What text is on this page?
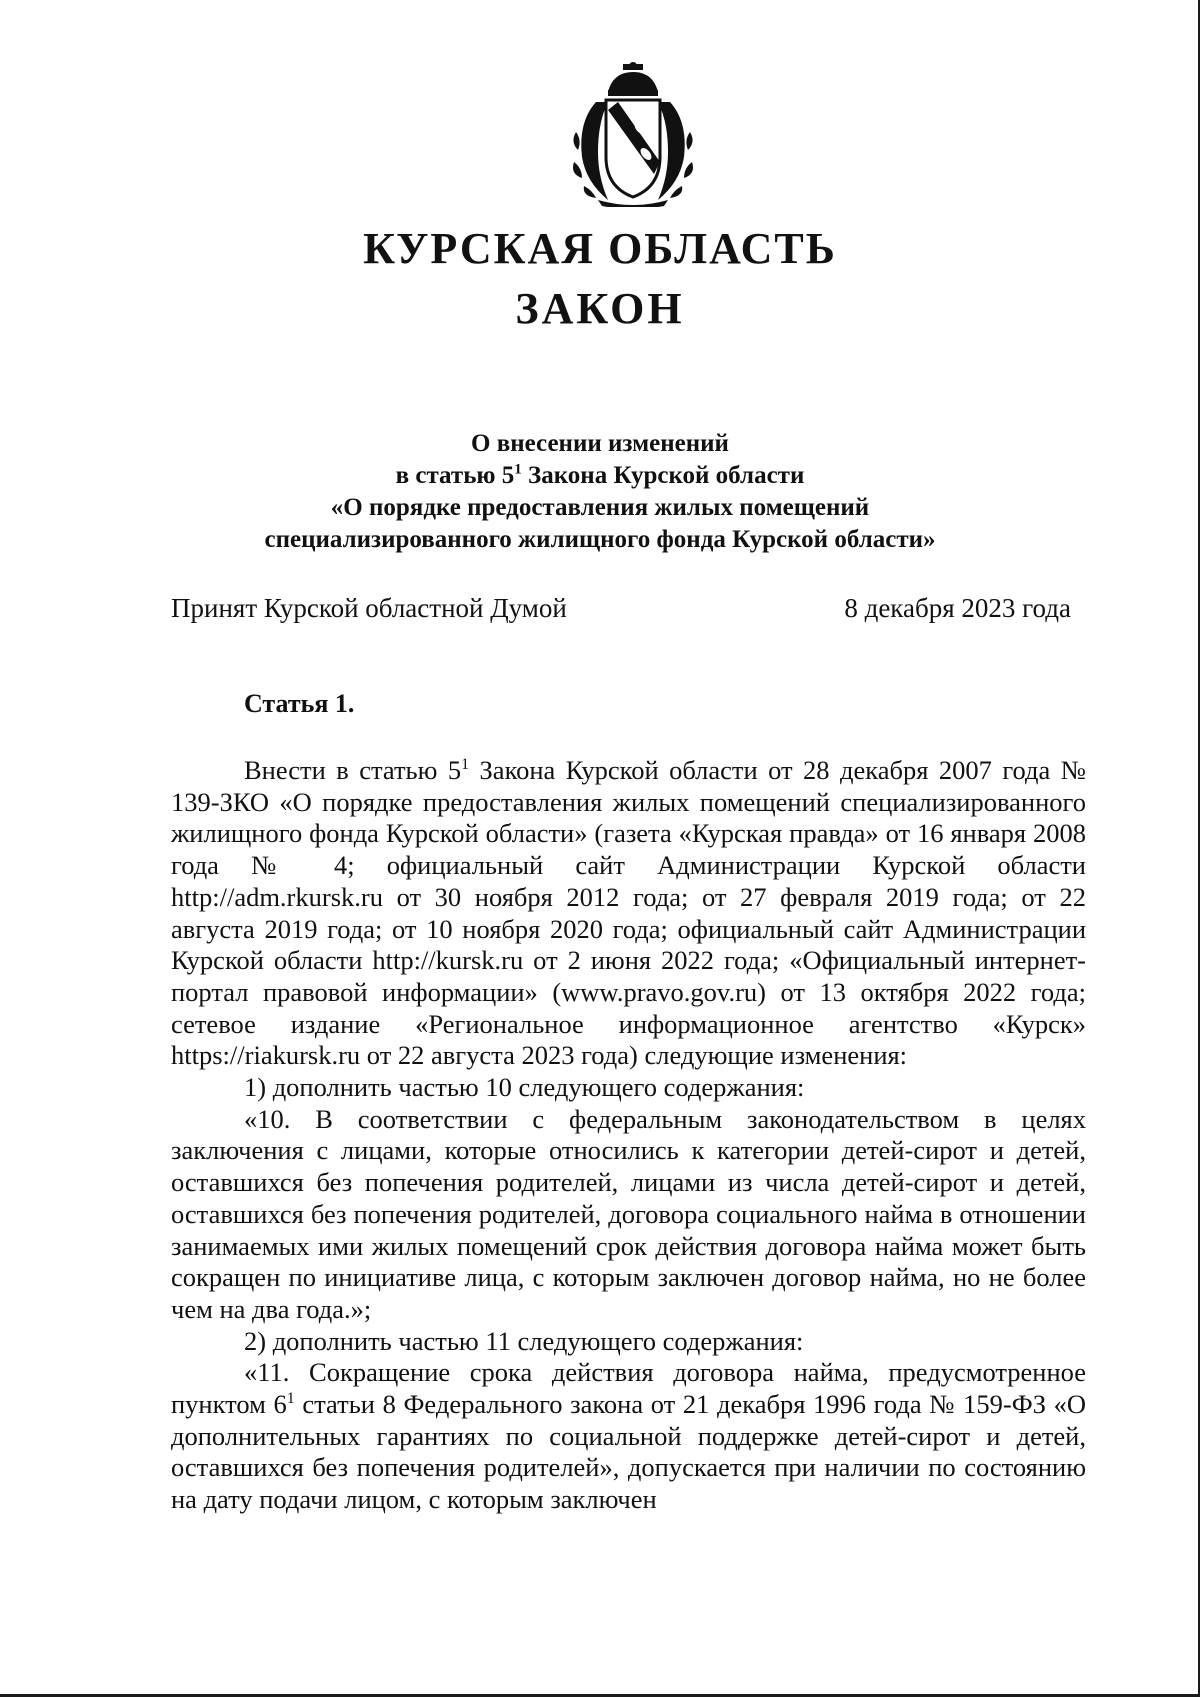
КУРСКАЯ ОБЛАСТЬ
ЗАКОН
О внесении изменений
в статью $5^1$ Закона Курской области
«О порядке предоставления жилых помещений
специализированного жилищного фонда Курской области»
Принят Курской областной Думой	8 декабря 2023 года
Статья 1.

Внести в статью $5^1$ Закона Курской области от 28 декабря 2007 года № 139-ЗКО «О порядке предоставления жилых помещений специализированного жилищного фонда Курской области» (газета «Курская правда» от 16 января 2008 года № 4; официальный сайт Администрации Курской области http://adm.rkursk.ru от 30 ноября 2012 года; от 27 февраля 2019 года; от 22 августа 2019 года; от 10 ноября 2020 года; официальный сайт Администрации Курской области http://kursk.ru от 2 июня 2022 года; «Официальный интернет-портал правовой информации» (www.pravo.gov.ru) от 13 октября 2022 года; сетевое издание «Региональное информационное агентство «Курск» https://riakursk.ru от 22 августа 2023 года) следующие изменения:

1) дополнить частью 10 следующего содержания:

«10. В соответствии с федеральным законодательством в целях заключения с лицами, которые относились к категории детей-сирот и детей, оставшихся без попечения родителей, лицами из числа детей-сирот и детей, оставшихся без попечения родителей, договора социального найма в отношении занимаемых ими жилых помещений срок действия договора найма может быть сокращен по инициативе лица, с которым заключен договор найма, но не более чем на два года.»;

2) дополнить частью 11 следующего содержания:

«11. Сокращение срока действия договора найма, предусмотренное пунктом $6^1$ статьи 8 Федерального закона от 21 декабря 1996 года № 159-ФЗ «О дополнительных гарантиях по социальной поддержке детей-сирот и детей, оставшихся без попечения родителей», допускается при наличии по состоянию на дату подачи лицом, с которым заключен
